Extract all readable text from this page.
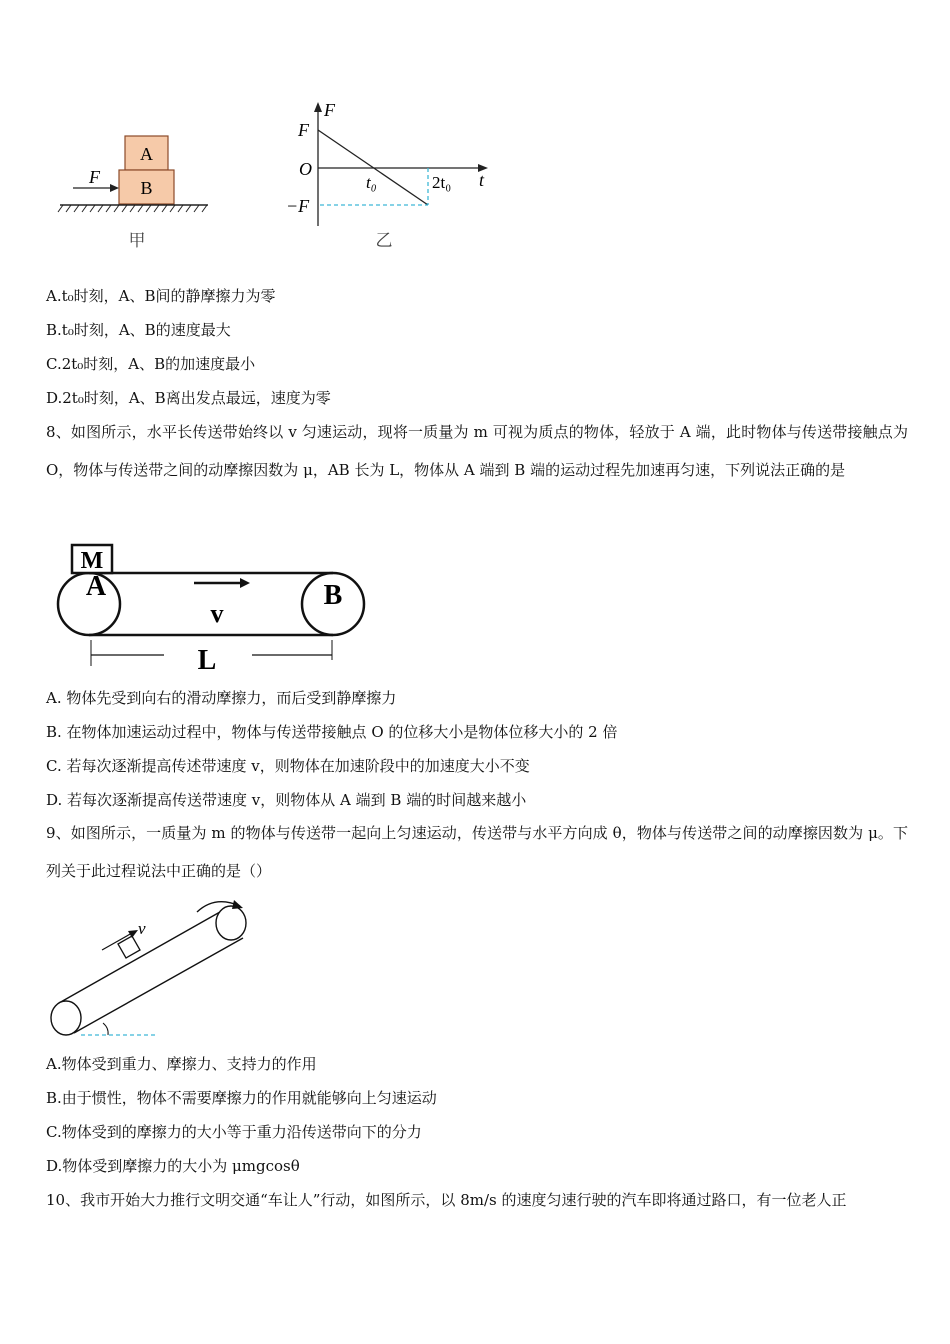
A
B
F
甲
F
t
O
F
−F
t₀	2t₀
乙
A.t₀时刻，A、B间的静摩擦力为零
B.t₀时刻，A、B的速度最大
C.2t₀时刻，A、B的加速度最小
D.2t₀时刻，A、B离出发点最远，速度为零
8、如图所示，水平长传送带始终以 v 匀速运动，现将一质量为 m 可视为质点的物体，轻放于 A 端，此时物体与传送带接触点为 O，物体与传送带之间的动摩擦因数为 μ，AB 长为 L，物体从 A 端到 B 端的运动过程先加速再匀速，下列说法正确的是
M
A	B
v
L
A. 物体先受到向右的滑动摩擦力，而后受到静摩擦力
B. 在物体加速运动过程中，物体与传送带接触点 O 的位移大小是物体位移大小的 2 倍
C. 若每次逐渐提高传述带速度 v，则物体在加速阶段中的加速度大小不变
D. 若每次逐渐提高传送带速度 v，则物体从 A 端到 B 端的时间越来越小
9、如图所示，一质量为 m 的物体与传送带一起向上匀速运动，传送带与水平方向成 θ，物体与传送带之间的动摩擦因数为 μ。下列关于此过程说法中正确的是（）
v
A.物体受到重力、摩擦力、支持力的作用
B.由于惯性，物体不需要摩擦力的作用就能够向上匀速运动
C.物体受到的摩擦力的大小等于重力沿传送带向下的分力
D.物体受到摩擦力的大小为 μmgcosθ
10、我市开始大力推行文明交通“车让人”行动，如图所示，以 8m/s 的速度匀速行驶的汽车即将通过路口，有一位老人正
